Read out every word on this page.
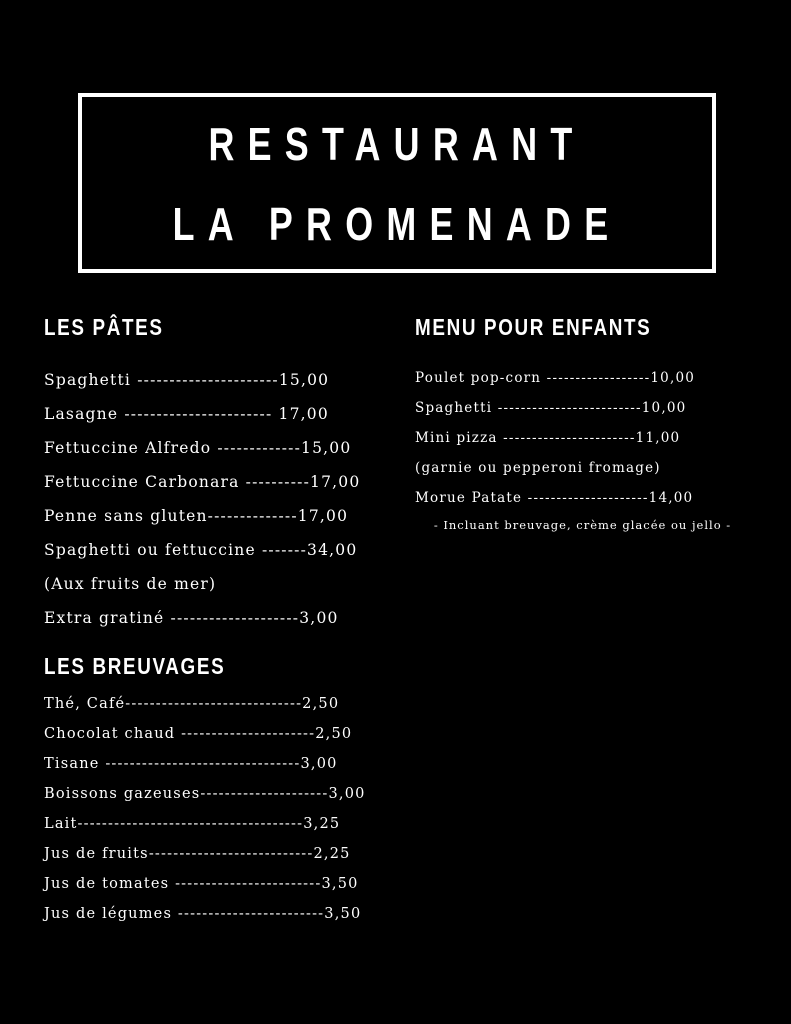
RESTAURANT
LA PROMENADE
LES PÂTES
Spaghetti ----------------------15,00
Lasagne ----------------------- 17,00
Fettuccine Alfredo -------------15,00
Fettuccine Carbonara ----------17,00
Penne sans gluten--------------17,00
Spaghetti ou fettuccine -------34,00
(Aux fruits de mer)
Extra gratiné --------------------3,00
LES BREUVAGES
Thé, Café-----------------------------2,50
Chocolat chaud ----------------------2,50
Tisane --------------------------------3,00
Boissons gazeuses---------------------3,00
Lait-------------------------------------3,25
Jus de fruits---------------------------2,25
Jus de tomates ------------------------3,50
Jus de légumes ------------------------3,50
MENU POUR ENFANTS
Poulet pop-corn ------------------10,00
Spaghetti -------------------------10,00
Mini pizza -----------------------11,00
(garnie ou pepperoni fromage)
Morue Patate ---------------------14,00
- Incluant breuvage, crème glacée ou jello -
